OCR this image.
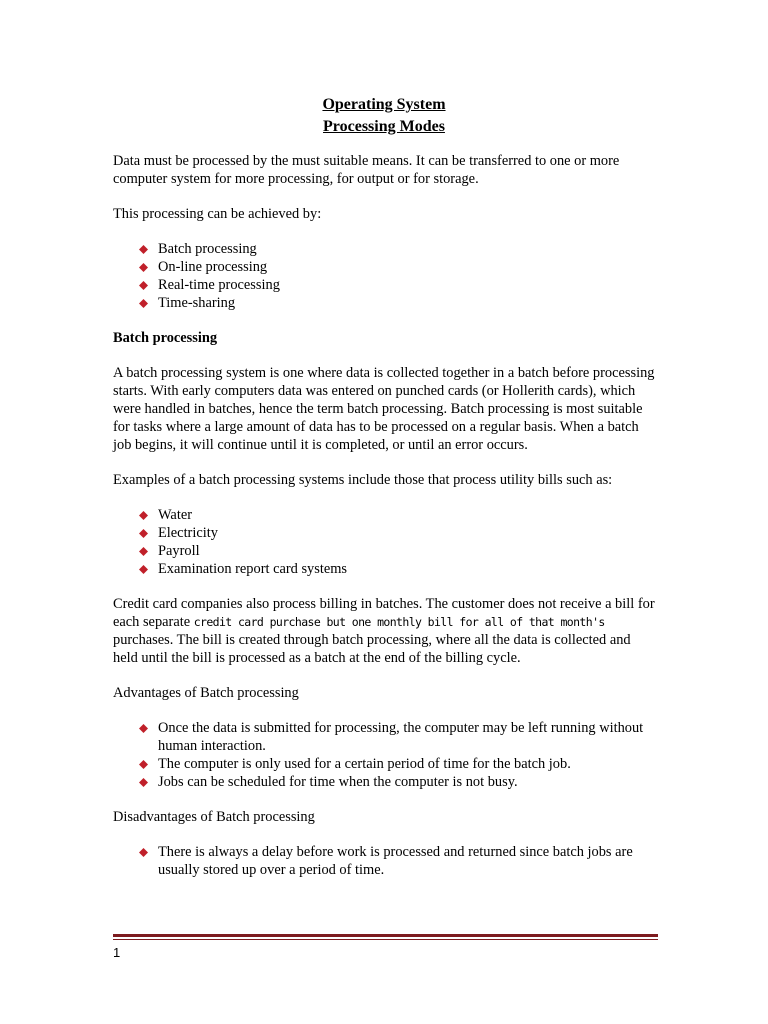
Operating System
Processing Modes

Data must be processed by the must suitable means. It can be transferred to one or more computer system for more processing, for output or for storage.

This processing can be achieved by:

Batch processing
On-line processing
Real-time processing
Time-sharing

Batch processing

A batch processing system is one where data is collected together in a batch before processing starts. With early computers data was entered on punched cards (or Hollerith cards), which were handled in batches, hence the term batch processing. Batch processing is most suitable for tasks where a large amount of data has to be processed on a regular basis. When a batch job begins, it will continue until it is completed, or until an error occurs.

Examples of a batch processing systems include those that process utility bills such as:

Water
Electricity
Payroll
Examination report card systems

Credit card companies also process billing in batches. The customer does not receive a bill for each separate credit card purchase but one monthly bill for all of that month's purchases. The bill is created through batch processing, where all the data is collected and held until the bill is processed as a batch at the end of the billing cycle.

Advantages of Batch processing

Once the data is submitted for processing, the computer may be left running without human interaction.
The computer is only used for a certain period of time for the batch job.
Jobs can be scheduled for time when the computer is not busy.

Disadvantages of Batch processing

There is always a delay before work is processed and returned since batch jobs are usually stored up over a period of time.
1
